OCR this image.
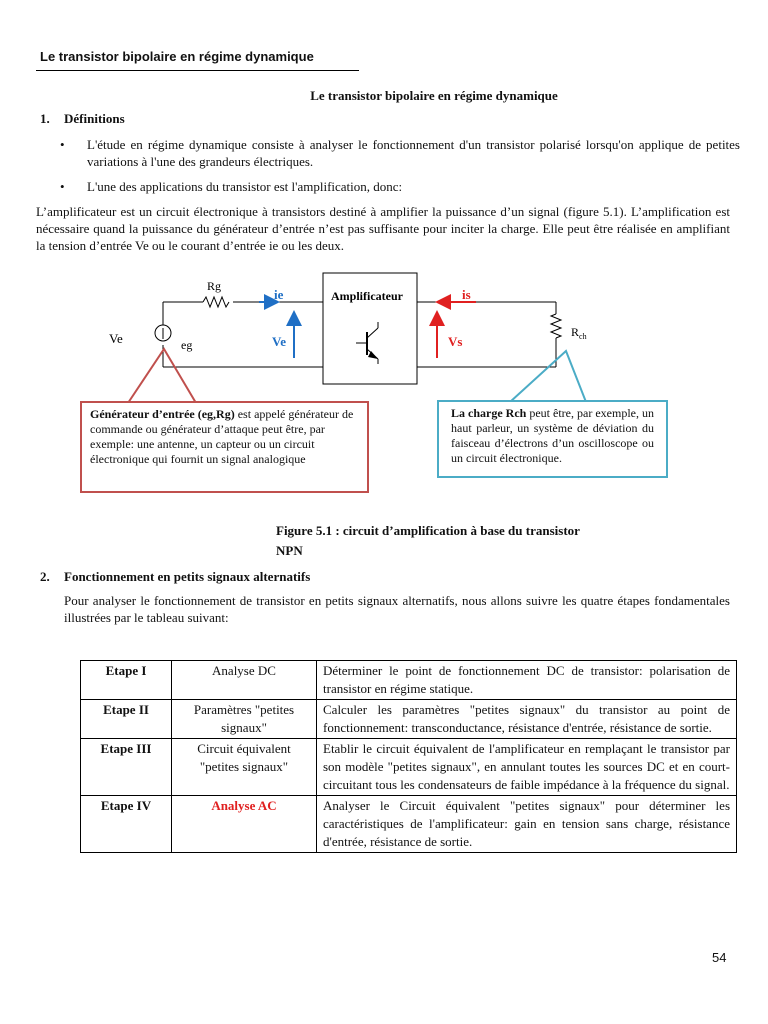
Le transistor bipolaire en régime dynamique
Le transistor bipolaire en régime dynamique
1. Définitions
• L'étude en régime dynamique consiste à analyser le fonctionnement d'un transistor polarisé lorsqu'on applique de petites variations à l'une des grandeurs électriques.
• L'une des applications du transistor est l'amplification, donc:
L’amplificateur est un circuit électronique à transistors destiné à amplifier la puissance d’un signal (figure 5.1). L’amplification est nécessaire quand la puissance du générateur d’entrée n’est pas suffisante pour inciter la charge. Elle peut être réalisée en amplifiant la tension d’entrée Ve ou le courant d’entrée ie ou les deux.
Rg
ie	Amplificateur	is
$R_{ch}$
Ve	eg	Ve	Vs
Générateur d’entrée (eg,Rg) est appelé générateur de commande ou générateur d’attaque peut être, par exemple: une antenne, un capteur ou un circuit électronique qui fournit un signal analogique
La charge Rch peut être, par exemple, un haut parleur, un système de déviation du faisceau d’électrons d’un oscilloscope ou un circuit électronique.
Figure 5.1 : circuit d’amplification à base du transistor
NPN
2. Fonctionnement en petits signaux alternatifs
Pour analyser le fonctionnement de transistor en petits signaux alternatifs, nous allons suivre les quatre étapes fondamentales illustrées par le tableau suivant:
Etape I	Analyse DC	Déterminer le point de fonctionnement DC de transistor: polarisation de transistor en régime statique.
Etape II	Paramètres "petites signaux"	Calculer les paramètres "petites signaux" du transistor au point de fonctionnement: transconductance, résistance d'entrée, résistance de sortie.
Etape III	Circuit équivalent "petites signaux"	Etablir le circuit équivalent de l'amplificateur en remplaçant le transistor par son modèle "petites signaux", en annulant toutes les sources DC et en court-circuitant tous les condensateurs de faible impédance à la fréquence du signal.
Etape IV	Analyse AC	Analyser le Circuit équivalent "petites signaux" pour déterminer les caractéristiques de l'amplificateur: gain en tension sans charge, résistance d'entrée, résistance de sortie.
54
